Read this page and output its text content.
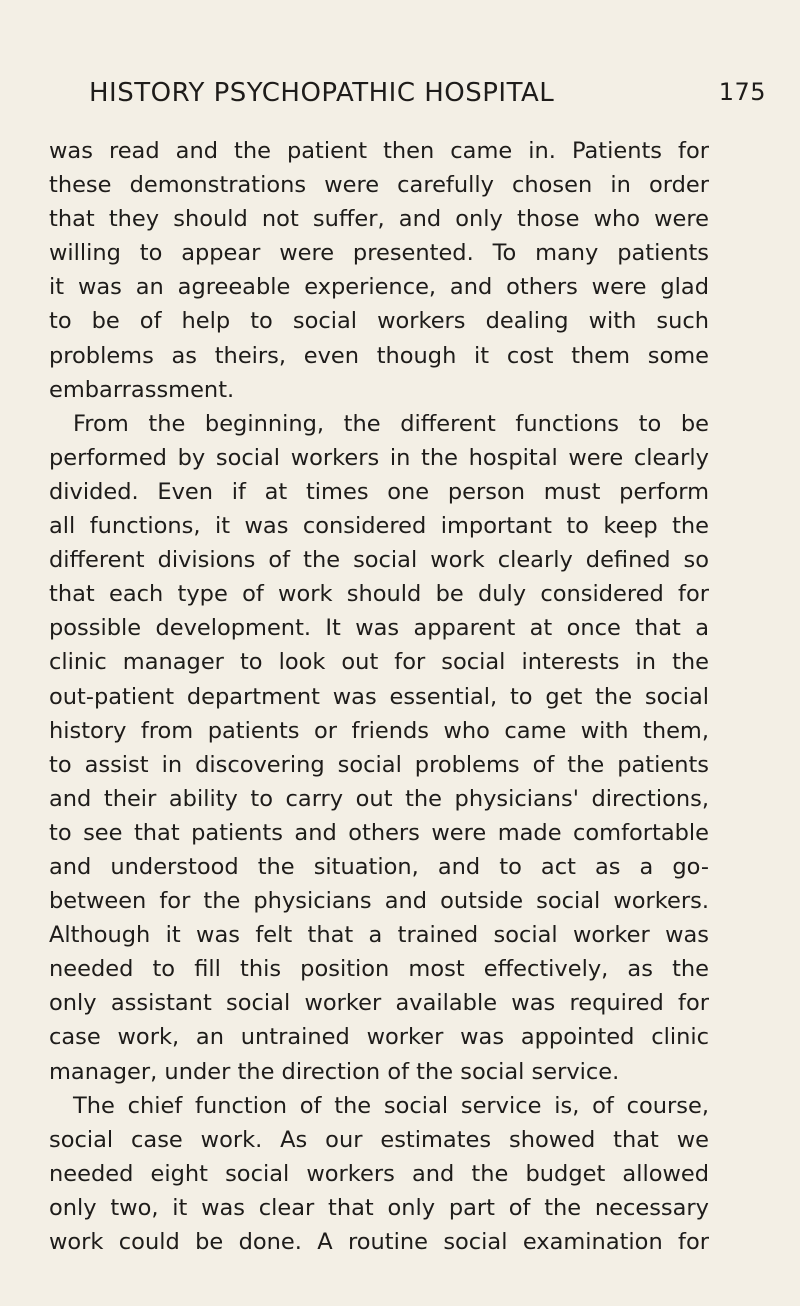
HISTORY PSYCHOPATHIC HOSPITAL	175
was read and the patient then came in. Patients for
these demonstrations were carefully chosen in order
that they should not suffer, and only those who were
willing to appear were presented. To many patients
it was an agreeable experience, and others were glad
to be of help to social workers dealing with such
problems as theirs, even though it cost them some
embarrassment.
From the beginning, the different functions to be
performed by social workers in the hospital were clearly
divided. Even if at times one person must perform
all functions, it was considered important to keep the
different divisions of the social work clearly defined so
that each type of work should be duly considered for
possible development. It was apparent at once that a
clinic manager to look out for social interests in the
out-patient department was essential, to get the social
history from patients or friends who came with them,
to assist in discovering social problems of the patients
and their ability to carry out the physicians' directions,
to see that patients and others were made comfortable
and understood the situation, and to act as a go-
between for the physicians and outside social workers.
Although it was felt that a trained social worker was
needed to fill this position most effectively, as the
only assistant social worker available was required for
case work, an untrained worker was appointed clinic
manager, under the direction of the social service.
The chief function of the social service is, of course,
social case work. As our estimates showed that we
needed eight social workers and the budget allowed
only two, it was clear that only part of the necessary
work could be done. A routine social examination for
